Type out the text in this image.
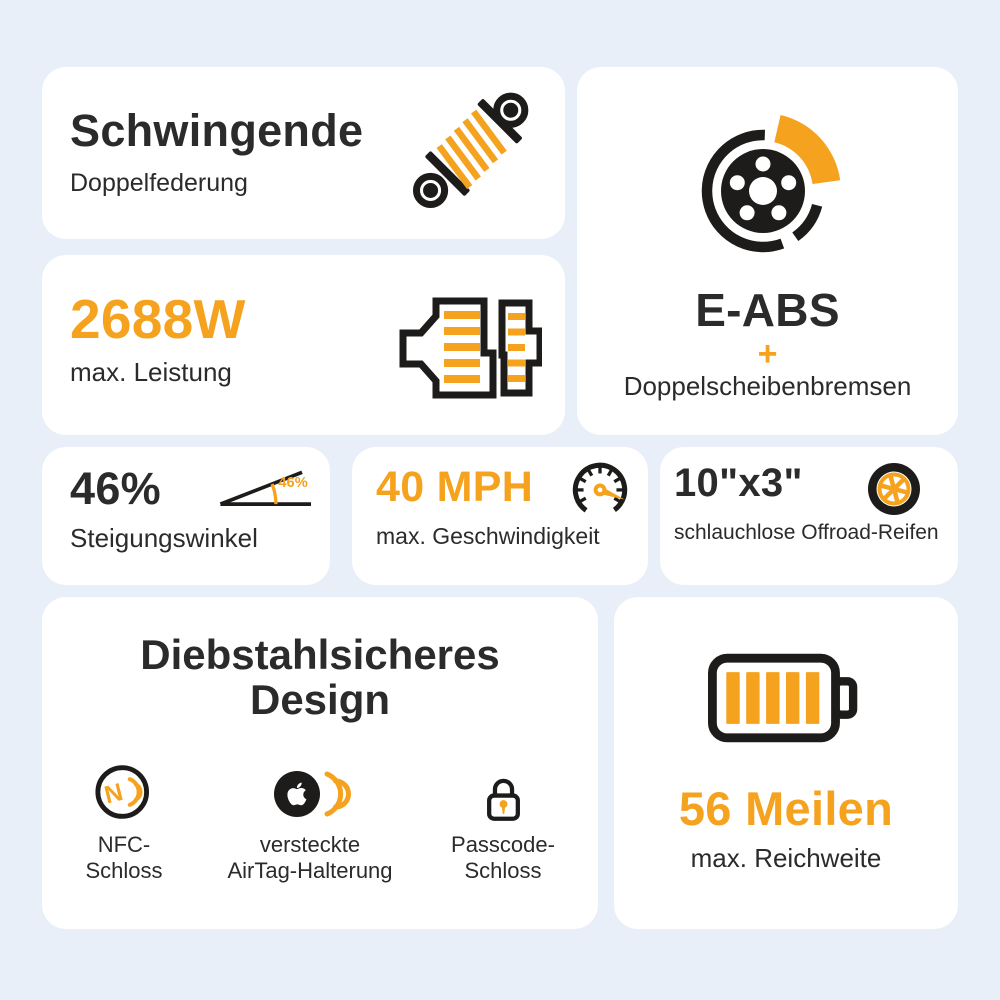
Schwingende
Doppelfederung
E-ABS
+
Doppelscheibenbremsen
2688W
max. Leistung
46%
Steigungswinkel
46% 40 MPH
max. Geschwindigkeit
10"x3"
schlauchlose Offroad-Reifen
Diebstahlsicheres
Design
N
NFC-
Schloss
versteckte
AirTag-Halterung
Passcode-
Schloss
56 Meilen
max. Reichweite
